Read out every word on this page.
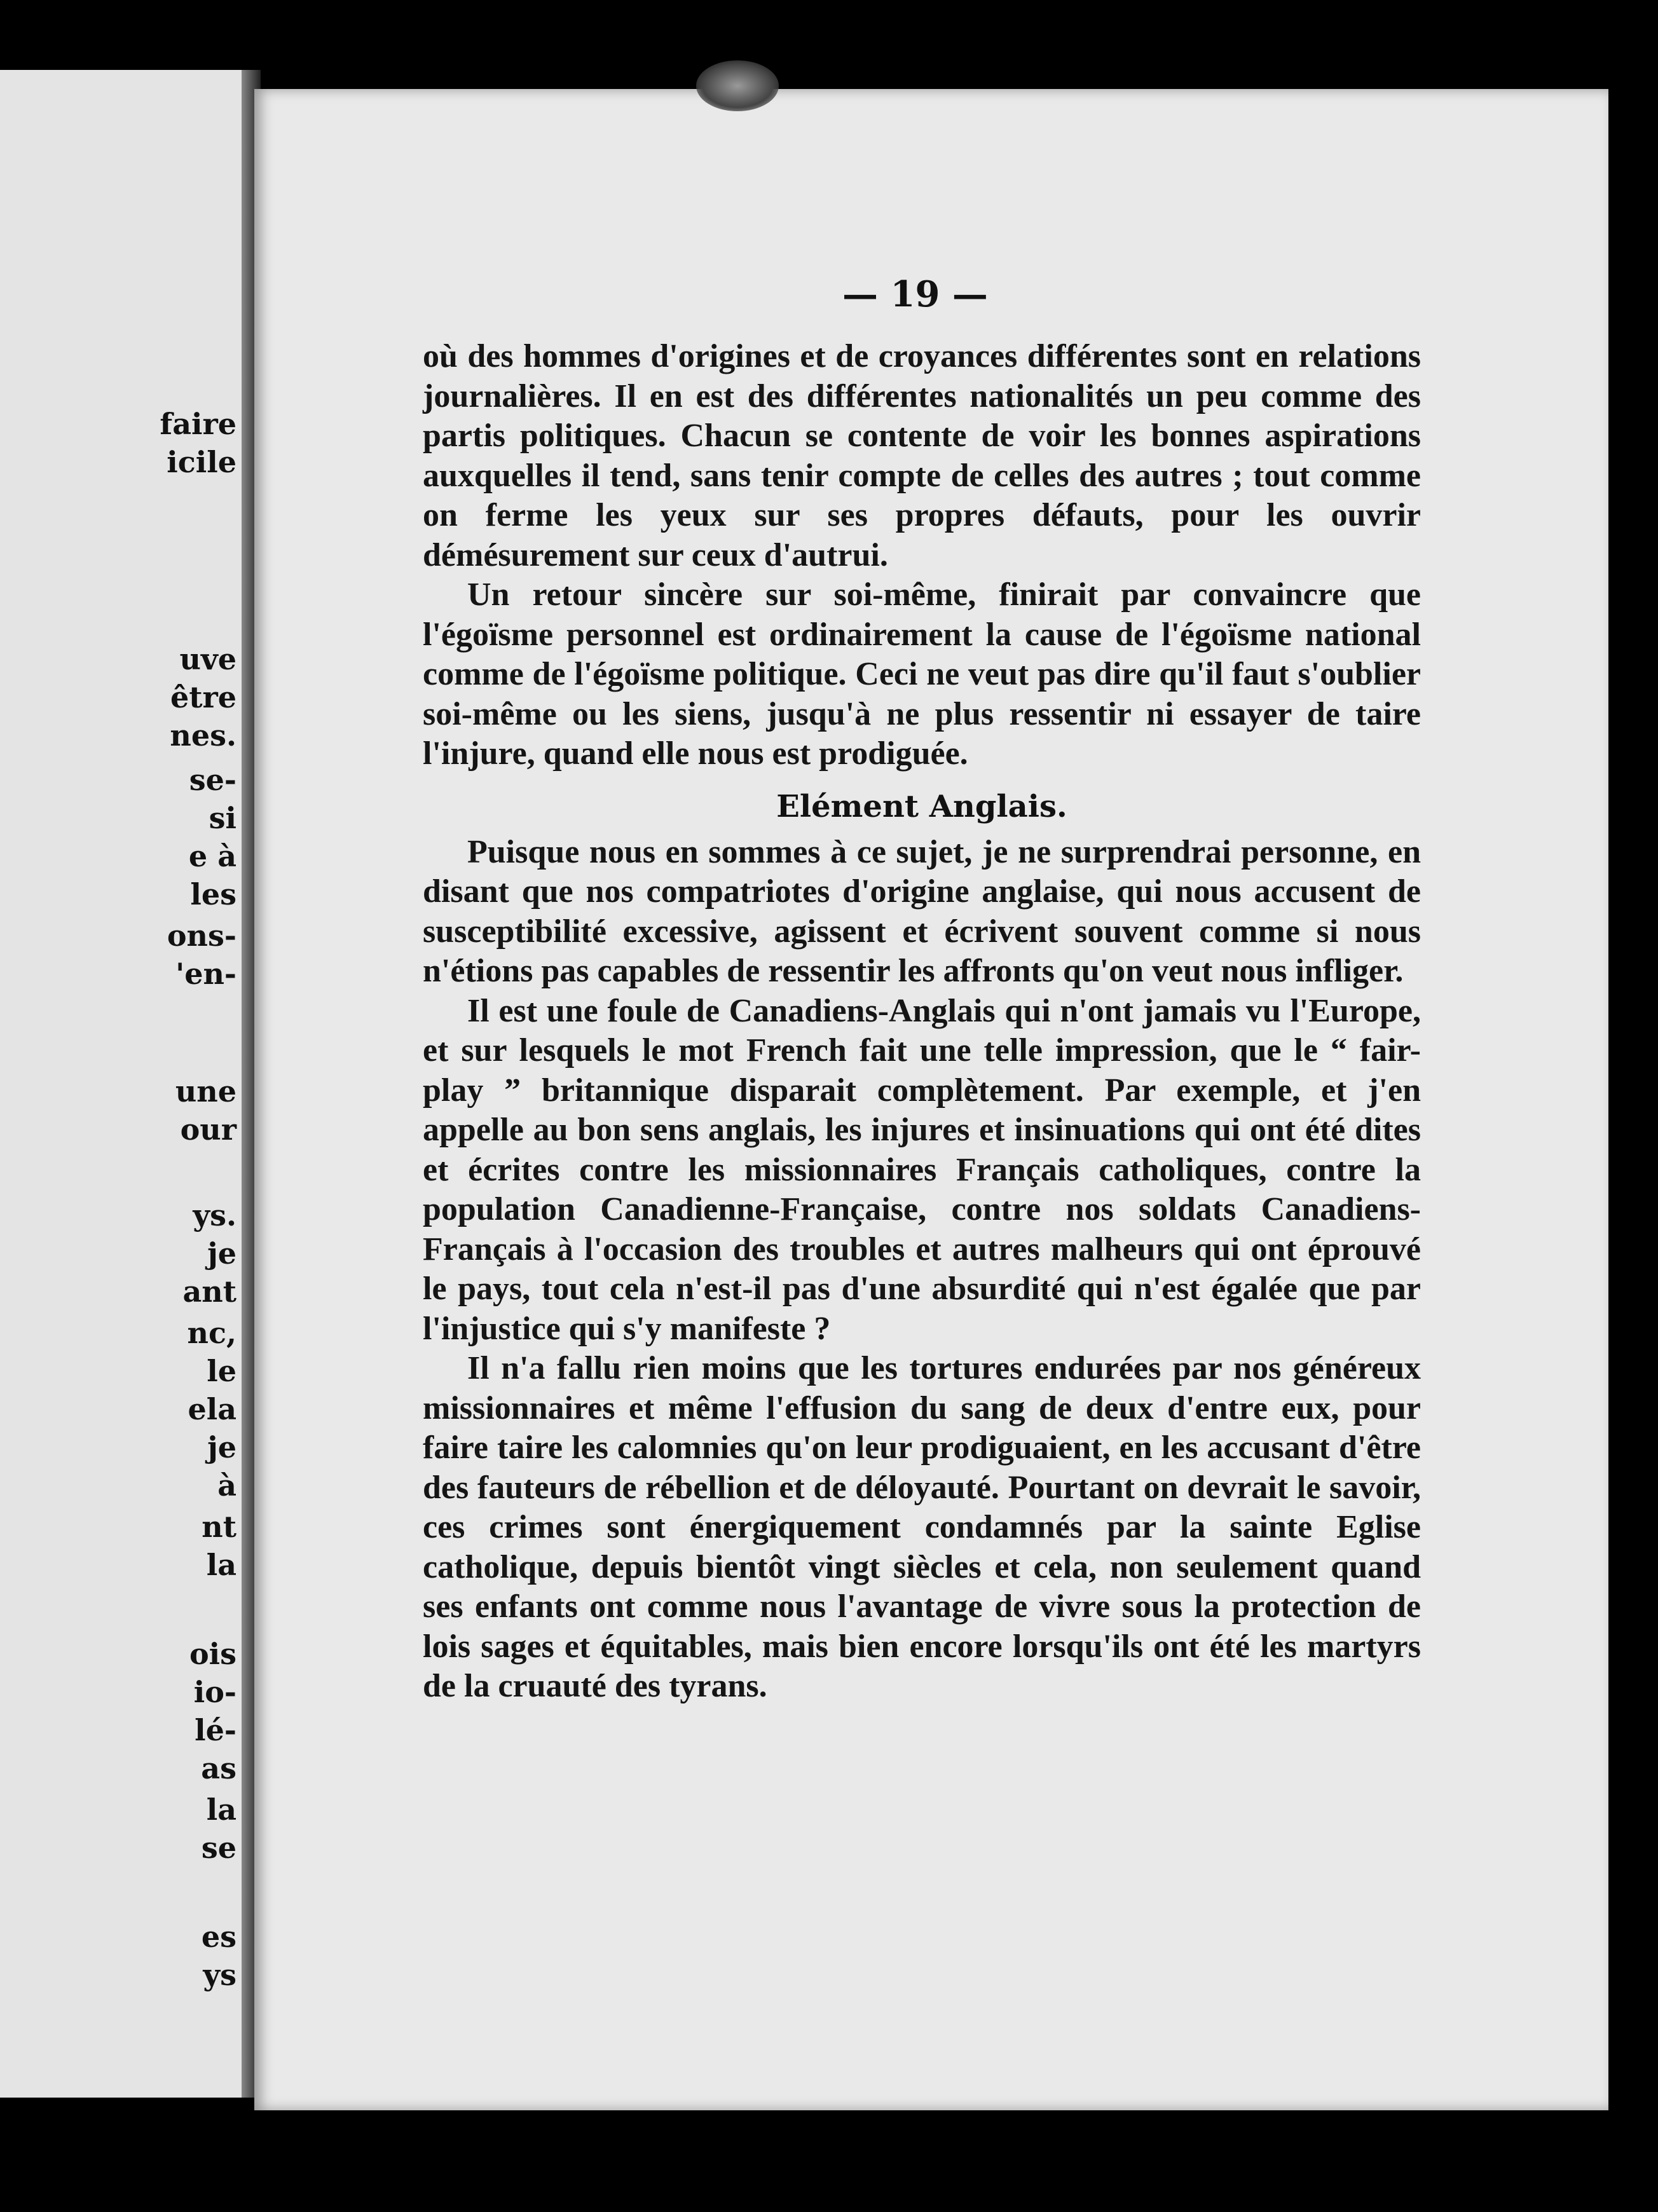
faire
icile
uve
être
nes.
se-
si
e à
les
ons-
'en-
une
our
ys.
je
ant
nc,
le
ela
je
à
nt
la
ois
io-
lé-
as
la
se
es
ys
— 19 —

où des hommes d'origines et de croyances différentes sont en relations journalières. Il en est des différentes nationalités un peu comme des partis politiques. Chacun se contente de voir les bonnes aspirations auxquelles il tend, sans tenir compte de celles des autres ; tout comme on ferme les yeux sur ses propres défauts, pour les ouvrir démésurement sur ceux d'autrui.

Un retour sincère sur soi-même, finirait par convaincre que l'égoïsme personnel est ordinairement la cause de l'égoïsme national comme de l'égoïsme politique. Ceci ne veut pas dire qu'il faut s'oublier soi-même ou les siens, jusqu'à ne plus ressentir ni essayer de taire l'injure, quand elle nous est prodiguée.

Elément Anglais.

Puisque nous en sommes à ce sujet, je ne surprendrai personne, en disant que nos compatriotes d'origine anglaise, qui nous accusent de susceptibilité excessive, agissent et écrivent souvent comme si nous n'étions pas capables de ressentir les affronts qu'on veut nous infliger.

Il est une foule de Canadiens-Anglais qui n'ont jamais vu l'Europe, et sur lesquels le mot French fait une telle impression, que le “ fair-play ” britannique disparait complètement. Par exemple, et j'en appelle au bon sens anglais, les injures et insinuations qui ont été dites et écrites contre les missionnaires Français catholiques, contre la population Canadienne-Française, contre nos soldats Canadiens-Français à l'occasion des troubles et autres malheurs qui ont éprouvé le pays, tout cela n'est-il pas d'une absurdité qui n'est égalée que par l'injustice qui s'y manifeste ?

Il n'a fallu rien moins que les tortures endurées par nos généreux missionnaires et même l'effusion du sang de deux d'entre eux, pour faire taire les calomnies qu'on leur prodiguaient, en les accusant d'être des fauteurs de rébellion et de déloyauté. Pourtant on devrait le savoir, ces crimes sont énergiquement condamnés par la sainte Eglise catholique, depuis bientôt vingt siècles et cela, non seulement quand ses enfants ont comme nous l'avantage de vivre sous la protection de lois sages et équitables, mais bien encore lorsqu'ils ont été les martyrs de la cruauté des tyrans.
